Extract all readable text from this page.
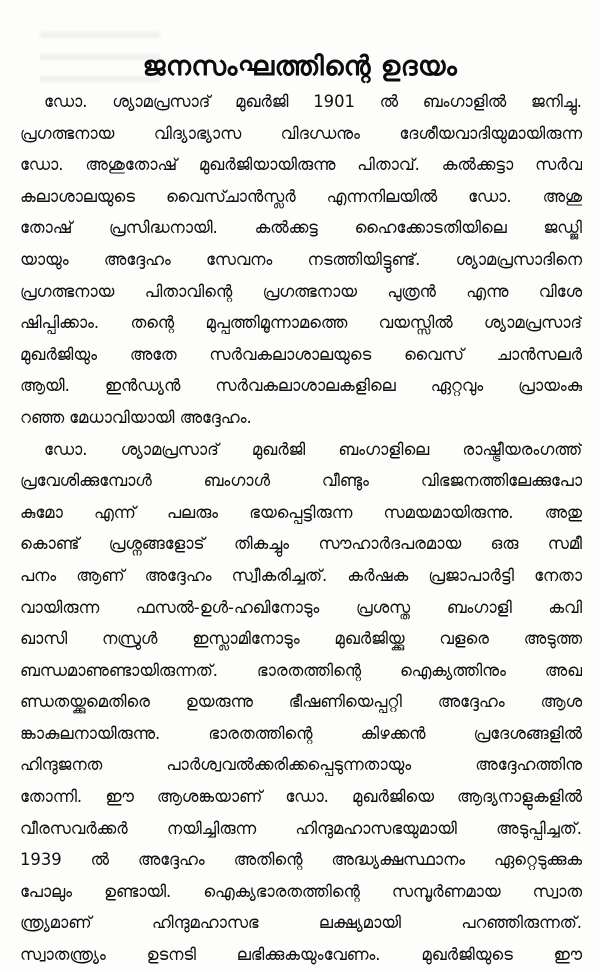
ജനസംഘത്തിന്റെ ഉദയം
ഡോ. ശ്യാമപ്രസാദ് മുഖർജി 1901 ൽ ബംഗാളിൽ ജനിച്ചു.
പ്രഗത്ഭനായ വിദ്യാഭ്യാസ വിദഗ്ധനും ദേശീയവാദിയുമായിരുന്ന
ഡോ. അശുതോഷ് മുഖർജിയായിരുന്നു പിതാവ്. കൽക്കട്ടാ സർവ
കലാശാലയുടെ വൈസ്ചാൻസ്ലർ എന്നനിലയിൽ ഡോ. അശു
തോഷ് പ്രസിദ്ധനായി. കൽക്കട്ട ഹൈക്കോടതിയിലെ ജഡ്ജി
യായും അദ്ദേഹം സേവനം നടത്തിയിട്ടുണ്ട്. ശ്യാമപ്രസാദിനെ
പ്രഗത്ഭനായ പിതാവിന്റെ പ്രഗത്ഭനായ പുത്രൻ എന്നു വിശേ
ഷിപ്പിക്കാം. തന്റെ മുപ്പത്തിമൂന്നാമത്തെ വയസ്സിൽ ശ്യാമപ്രസാദ്
മുഖർജിയും അതേ സർവകലാശാലയുടെ വൈസ് ചാൻസലർ
ആയി. ഇൻഡ്യൻ സർവകലാശാലകളിലെ ഏറ്റവും പ്രായംകു
റഞ്ഞ മേധാവിയായി അദ്ദേഹം.
ഡോ. ശ്യാമപ്രസാദ് മുഖർജി ബംഗാളിലെ രാഷ്ട്രീയരംഗത്ത്
പ്രവേശിക്കുമ്പോൾ ബംഗാൾ വീണ്ടും വിഭജനത്തിലേക്കുപോ
കുമോ എന്ന് പലരും ഭയപ്പെട്ടിരുന്ന സമയമായിരുന്നു. അതു
കൊണ്ട് പ്രശ്നങ്ങളോട് തികച്ചും സൗഹാർദപരമായ ഒരു സമീ
പനം ആണ് അദ്ദേഹം സ്വീകരിച്ചത്. കർഷക പ്രജാപാർട്ടി നേതാ
വായിരുന്ന ഫസൽ-ഉൾ-ഹഖിനോടും പ്രശസ്ത ബംഗാളി കവി
ഖാസി നസ്രുൾ ഇസ്ലാമിനോടും മുഖർജിയ്ക്കു വളരെ അടുത്ത
ബന്ധമാണുണ്ടായിരുന്നത്. ഭാരതത്തിന്റെ ഐക്യത്തിനും അഖ
ണ്ഡതയ്ക്കുമെതിരെ ഉയരുന്നു ഭീഷണിയെപ്പറ്റി അദ്ദേഹം ആശ
ങ്കാകുലനായിരുന്നു. ഭാരതത്തിന്റെ കിഴക്കൻ പ്രദേശങ്ങളിൽ
ഹിന്ദുജനത പാർശ്വവൽക്കരിക്കപ്പെടുന്നതായും അദ്ദേഹത്തിനു
തോന്നി. ഈ ആശങ്കയാണ് ഡോ. മുഖർജിയെ ആദ്യനാളുകളിൽ
വീരസവർക്കർ നയിച്ചിരുന്ന ഹിന്ദുമഹാസഭയുമായി അടുപ്പിച്ചത്.
1939 ൽ അദ്ദേഹം അതിന്റെ അദ്ധ്യക്ഷസ്ഥാനം ഏറ്റെടുക്കുക
പോലും ഉണ്ടായി. ഐക്യഭാരതത്തിന്റെ സമ്പൂർണമായ സ്വാത
ന്ത്ര്യമാണ് ഹിന്ദുമഹാസഭ ലക്ഷ്യമായി പറഞ്ഞിരുന്നത്.
സ്വാതന്ത്ര്യം ഉടനടി ലഭിക്കുകയുംവേണം. മുഖർജിയുടെ ഈ
